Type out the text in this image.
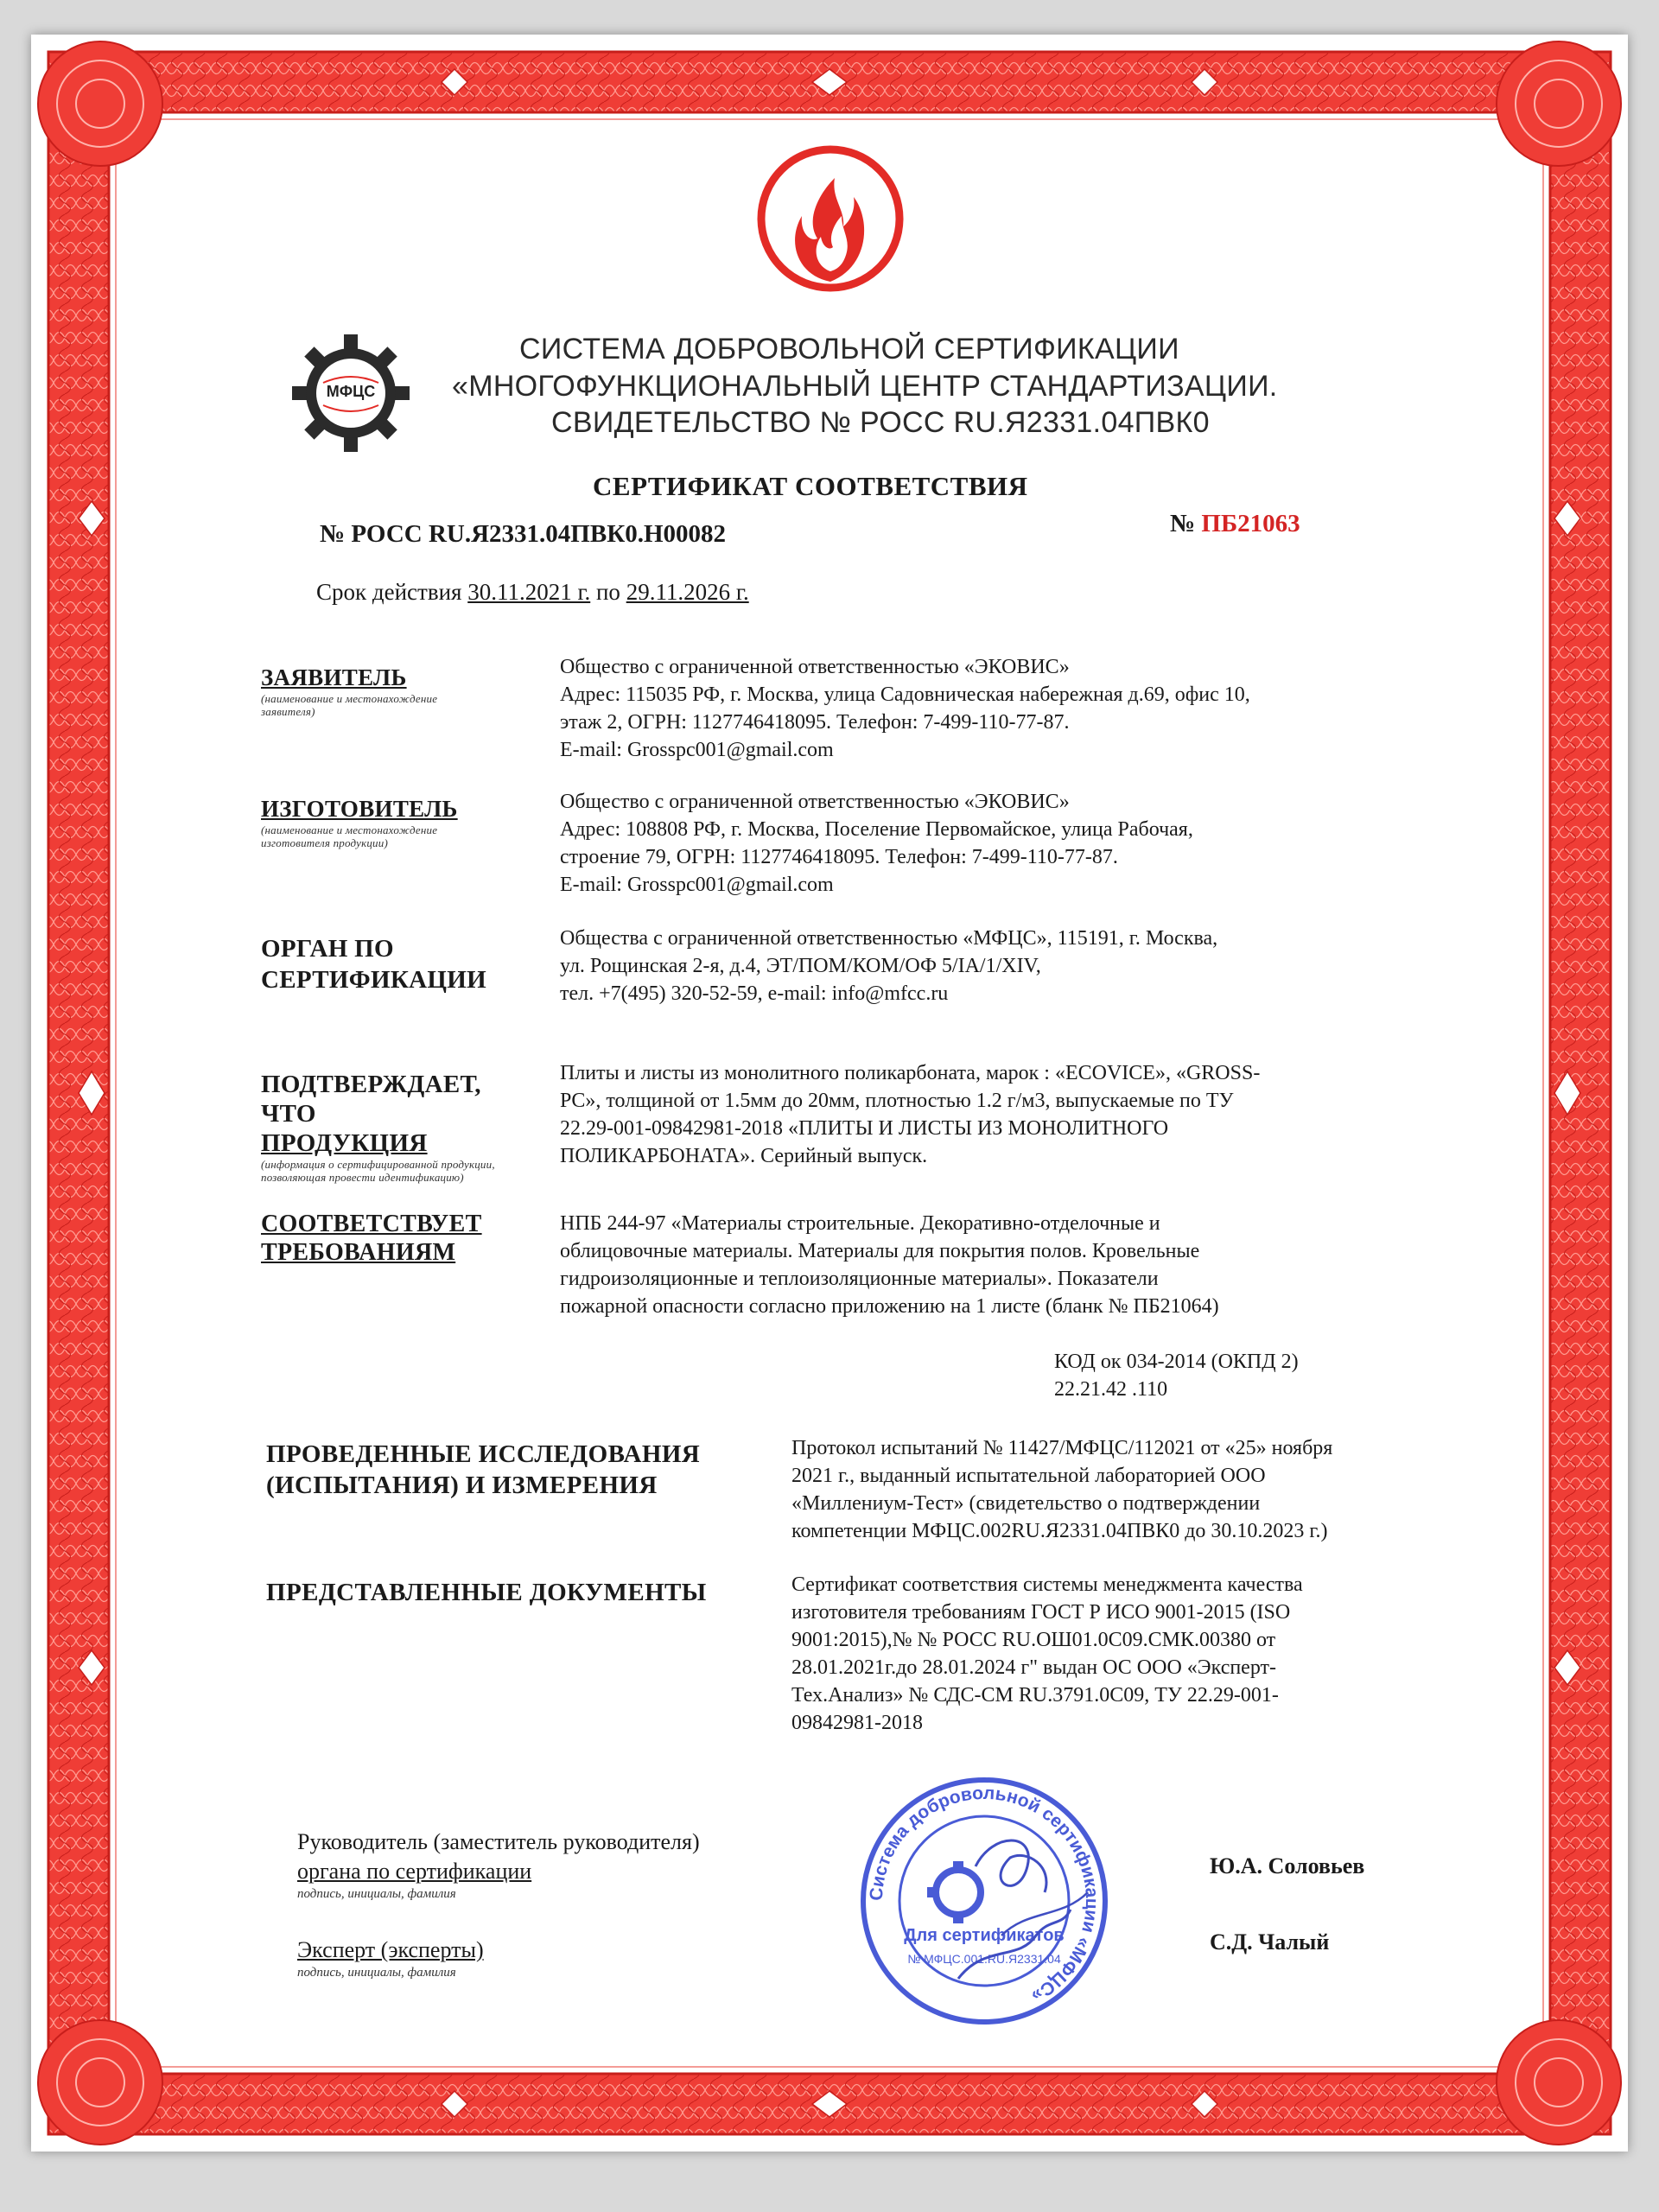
МФЦС
СИСТЕМА ДОБРОВОЛЬНОЙ СЕРТИФИКАЦИИ
«МНОГОФУНКЦИОНАЛЬНЫЙ ЦЕНТР СТАНДАРТИЗАЦИИ.
СВИДЕТЕЛЬСТВО № РОСС RU.Я2331.04ПВК0
СЕРТИФИКАТ СООТВЕТСТВИЯ
№ РОСС RU.Я2331.04ПВК0.Н00082	№ ПБ21063
Срок действия 30.11.2021 г. по 29.11.2026 г.
ЗАЯВИТЕЛЬ
(наименование и местонахождение заявителя)
Общество с ограниченной ответственностью «ЭКОВИС»
Адрес: 115035 РФ, г. Москва, улица Садовническая набережная д.69, офис 10,
этаж 2, ОГРН: 1127746418095. Телефон: 7-499-110-77-87.
E-mail: Grosspc001@gmail.com
ИЗГОТОВИТЕЛЬ
(наименование и местонахождение изготовителя продукции)
Общество с ограниченной ответственностью «ЭКОВИС»
Адрес: 108808 РФ, г. Москва, Поселение Первомайское, улица Рабочая,
строение 79, ОГРН: 1127746418095. Телефон: 7-499-110-77-87.
E-mail: Grosspc001@gmail.com
ОРГАН ПО
СЕРТИФИКАЦИИ
Общества с ограниченной ответственностью «МФЦС», 115191, г. Москва,
ул. Рощинская 2-я, д.4, ЭТ/ПОМ/КОМ/ОФ 5/IA/1/XIV,
тел. +7(495) 320-52-59, e-mail: info@mfcc.ru
ПОДТВЕРЖДАЕТ, ЧТО
ПРОДУКЦИЯ
(информация о сертифицированной продукции, позволяющая провести идентификацию)
Плиты и листы из монолитного поликарбоната, марок : «ECOVICE», «GROSS-
PC», толщиной от 1.5мм до 20мм, плотностью 1.2 г/м3, выпускаемые по ТУ
22.29-001-09842981-2018 «ПЛИТЫ И ЛИСТЫ ИЗ МОНОЛИТНОГО
ПОЛИКАРБОНАТА». Серийный выпуск.
СООТВЕТСТВУЕТ
ТРЕБОВАНИЯМ
НПБ 244-97 «Материалы строительные. Декоративно-отделочные и
облицовочные материалы. Материалы для покрытия полов. Кровельные
гидроизоляционные и теплоизоляционные материалы». Показатели
пожарной опасности согласно приложению на 1 листе (бланк № ПБ21064)
КОД ок 034-2014 (ОКПД 2)
22.21.42 .110
ПРОВЕДЕННЫЕ ИССЛЕДОВАНИЯ
(ИСПЫТАНИЯ) И ИЗМЕРЕНИЯ
Протокол испытаний № 11427/МФЦС/112021 от «25» ноября
2021 г., выданный испытательной лабораторией ООО
«Миллениум-Тест» (свидетельство о подтверждении
компетенции МФЦС.002RU.Я2331.04ПВК0 до 30.10.2023 г.)
ПРЕДСТАВЛЕННЫЕ ДОКУМЕНТЫ	Сертификат соответствия системы менеджмента качества
изготовителя требованиям ГОСТ Р ИСО 9001-2015 (ISO
9001:2015),№ № РОСС RU.ОШ01.0С09.СМК.00380 от
28.01.2021г.до 28.01.2024 г" выдан ОС ООО «Эксперт-
Тех.Анализ» № СДС-СМ RU.3791.0С09, ТУ 22.29-001-
09842981-2018
Руководитель (заместитель руководителя)
органа по сертификации
подпись, инициалы, фамилия
Эксперт (эксперты)
подпись, инициалы, фамилия
Ю.А. Соловьев
С.Д. Чалый
Система добровольной сертификации «МФЦС»
Для сертификатов
№ МФЦС.001.RU.Я2331.04
